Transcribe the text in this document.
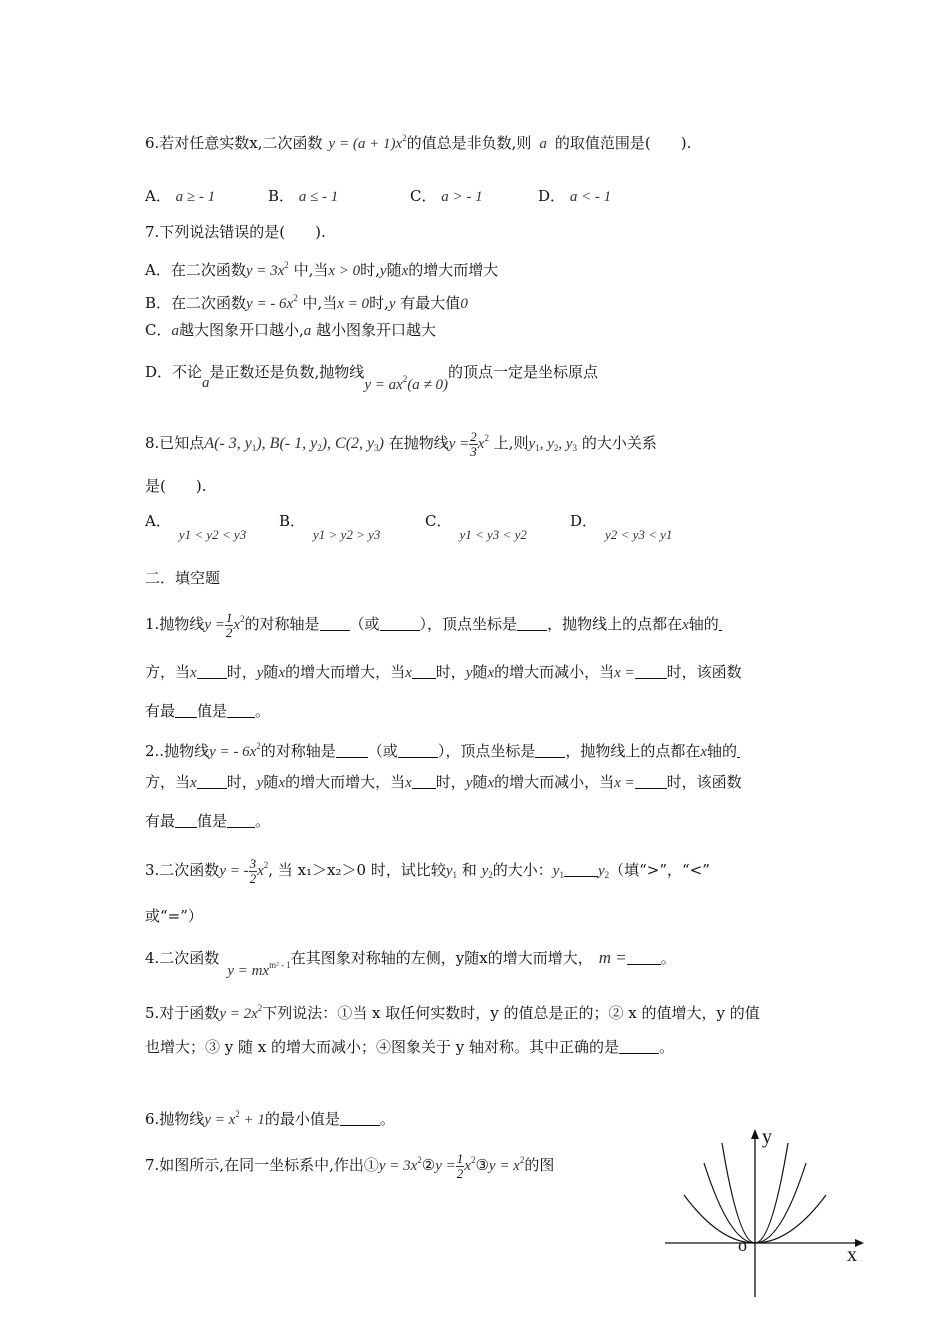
6.若对任意实数x,二次函数 $y = (a + 1)x^2$的值总是非负数,则 a 的取值范围是(　　).
A． a ≥ - 1	B． a ≤ - 1	C． a > - 1	D． a < - 1
7.下列说法错误的是(　　).
A．在二次函数$y = 3x^2$ 中,当x > 0时,y随x的增大而增大
B．在二次函数y = - $6x^2$ 中,当x = 0时,y 有最大值0
C．a越大图象开口越小,a 越小图象开口越大
D．不论a是正数还是负数,抛物线$y = ax^2(a \ne 0)$的顶点一定是坐标原点
8.已知点A(- 3, $y_1$), B(- 1, $y_2$), C(2, $y_3$) 在抛物线$y = \frac{2}{3} x^2$ 上,则$y_1$, $y_2$, $y_3$ 的大小关系
是(　　).
A．y1 < y2 < y3
B．y1 > y2 > y3
C．y1 < y3 < y2
D．y2 < y3 < y1
二．填空题
1.抛物线$y = \frac{1}{2} x^2$的对称轴是 （或	），顶点坐标是 ，抛物线上的点都在x轴的
方，当x 时，y随x的增大而增大，当x 时，y随x的增大而减小，当x = 时，该函数
有最 值是 。
2..抛物线y = - $6x^2$的对称轴是 （或	），顶点坐标是 ，抛物线上的点都在x轴的
方，当x 时，y随x的增大而增大，当x 时，y随x的增大而减小，当x = 时，该函数
有最 值是 。
3.二次函数y = - $\frac{3}{2} x^2$, 当 x₁＞x₂＞0 时，试比较$y_1$ 和 $y_2$的大小：$y_1$ $y_2$（填“>”，“<”
或“=”）
4.二次函数$y = mx^{m^2 - 1}$在其图象对称轴的左侧，y随x的增大而增大， m = 。
5.对于函数$y = 2x^2$下列说法：①当 x 取任何实数时，y 的值总是正的；② x 的值增大，y 的值
也增大；③ y 随 x 的增大而减小；④图象关于 y 轴对称。其中正确的是	。
6.抛物线$y = x^2 + 1$的最小值是	。
7.如图所示,在同一坐标系中,作出①y = $3x^2②y = \frac{1}{2}$ $x^2③y = x^2$的图
y
x
o
